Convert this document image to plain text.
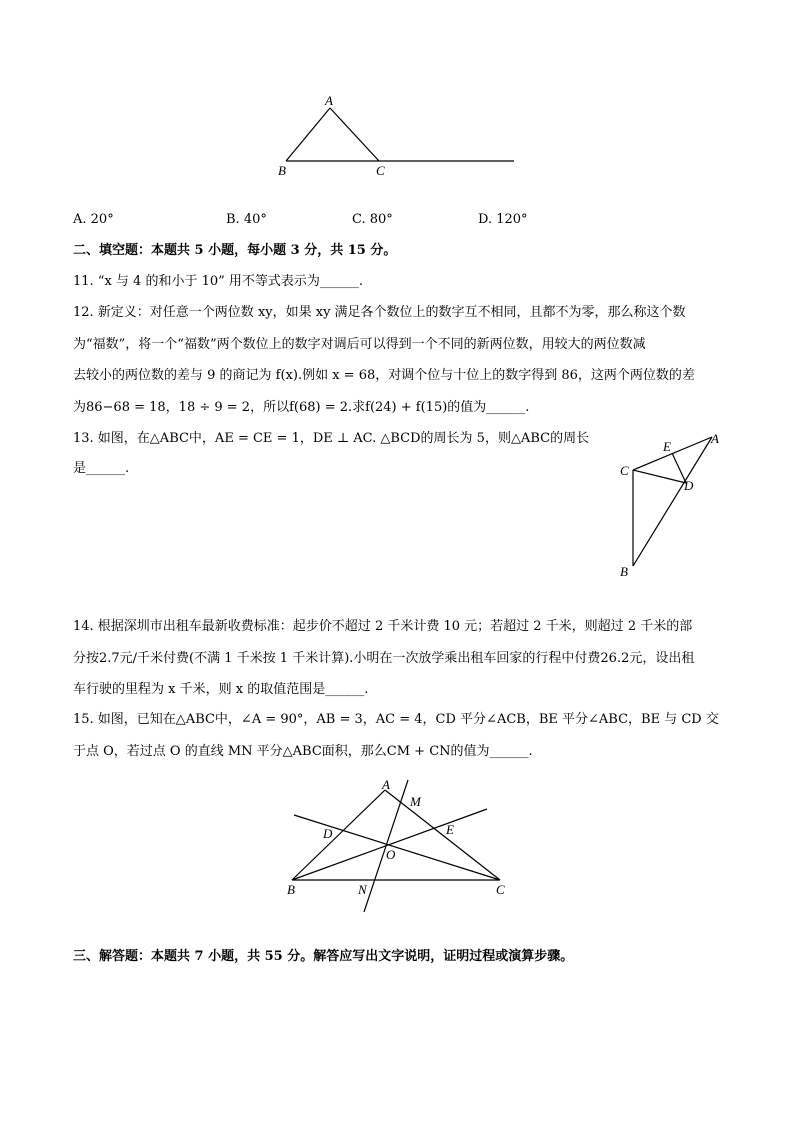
A
B	C
A. 20°	B. 40°	C. 80°	D. 120°
二、填空题：本题共 5 小题，每小题 3 分，共 15 分。
11. “x 与 4 的和小于 10” 用不等式表示为______.
12. 新定义：对任意一个两位数 xy，如果 xy 满足各个数位上的数字互不相同，且都不为零，那么称这个数
为“福数”，将一个“福数”两个数位上的数字对调后可以得到一个不同的新两位数，用较大的两位数减
去较小的两位数的差与 9 的商记为 f(x).例如 x = 68，对调个位与十位上的数字得到 86，这两个两位数的差
为86−68 = 18，18 ÷ 9 = 2，所以f(68) = 2.求f(24) + f(15)的值为______.
13. 如图，在△ABC中，AE = CE = 1，DE ⊥ AC. △BCD的周长为 5，则△ABC的周长
是______.
E
A
C
D
B
14. 根据深圳市出租车最新收费标准：起步价不超过 2 千米计费 10 元；若超过 2 千米，则超过 2 千米的部
分按2.7元/千米付费(不满 1 千米按 1 千米计算).小明在一次放学乘出租车回家的行程中付费26.2元，设出租
车行驶的里程为 x 千米，则 x 的取值范围是______.
15. 如图，已知在△ABC中，∠A = 90°，AB = 3，AC = 4，CD 平分∠ACB，BE 平分∠ABC，BE 与 CD 交
于点 O，若过点 O 的直线 MN 平分△ABC面积，那么CM + CN的值为______.
A
M
D	E
O
B	N	C
三、解答题：本题共 7 小题，共 55 分。解答应写出文字说明，证明过程或演算步骤。
